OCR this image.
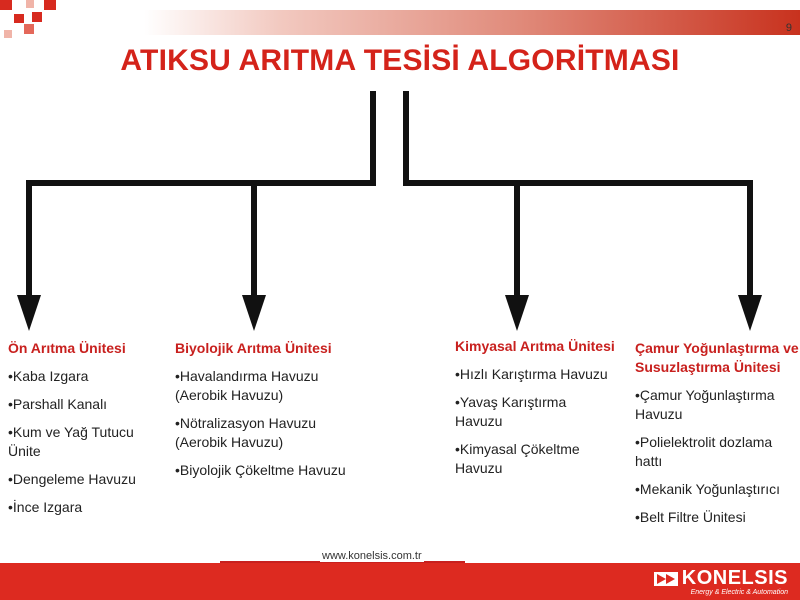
9
ATIKSU ARITMA TESİSİ ALGORİTMASI
Ön Arıtma Ünitesi
•Kaba Izgara
•Parshall Kanalı
•Kum ve Yağ Tutucu Ünite
•Dengeleme Havuzu
•İnce Izgara
Biyolojik Arıtma Ünitesi
•Havalandırma Havuzu (Aerobik Havuzu)
•Nötralizasyon Havuzu (Aerobik Havuzu)
•Biyolojik Çökeltme Havuzu
Kimyasal Arıtma Ünitesi
•Hızlı Karıştırma Havuzu
•Yavaş Karıştırma Havuzu
•Kimyasal Çökeltme Havuzu
Çamur Yoğunlaştırma ve Susuzlaştırma Ünitesi
•Çamur Yoğunlaştırma Havuzu
•Polielektrolit dozlama hattı
•Mekanik Yoğunlaştırıcı
•Belt Filtre Ünitesi
www.konelsis.com.tr
KONELSIS
Energy & Electric & Automation
